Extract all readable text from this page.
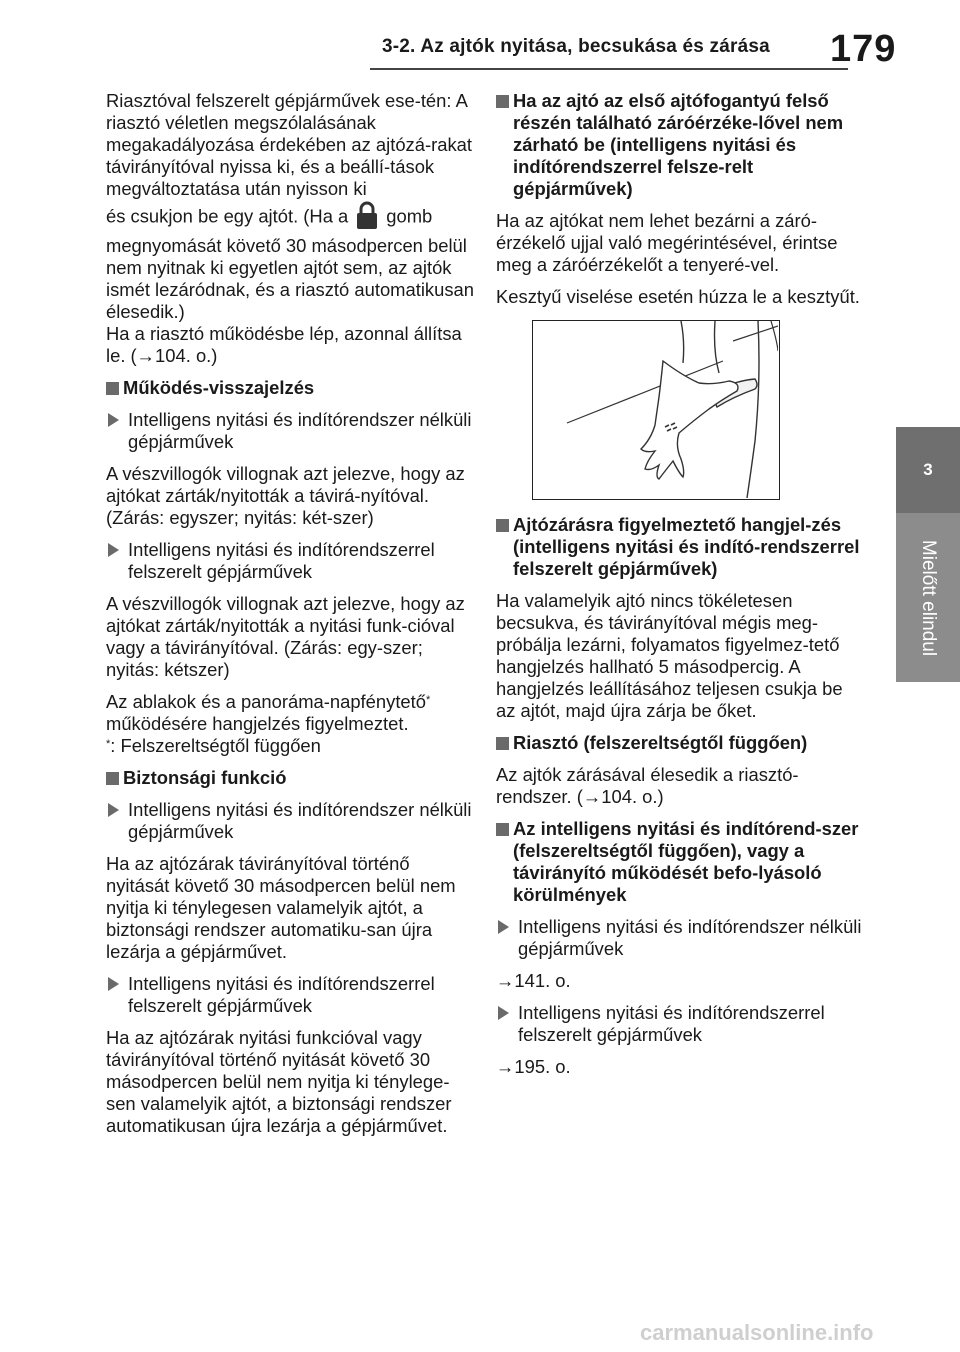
3-2. Az ajtók nyitása, becsukása és zárása 179
3
Mielőtt elindul

Riasztóval felszerelt gépjárművek ese-tén: A riasztó véletlen megszólalásának megakadályozása érdekében az ajtózá-rakat távirányítóval nyissa ki, és a beállí-tások megváltoztatása után nyisson ki
és csukjon be egy ajtót. (Ha a gomb megnyomását követő 30 másodpercen belül nem nyitnak ki egyetlen ajtót sem, az ajtók ismét lezáródnak, és a riasztó automatikusan élesedik.)
Ha a riasztó működésbe lép, azonnal állítsa le. (→104. o.)

Működés-visszajelzés
Intelligens nyitási és indítórendszer nélküli gépjárművek

A vészvillogók villognak azt jelezve, hogy az ajtókat zárták/nyitották a távirá-nyítóval. (Zárás: egyszer; nyitás: két-szer)

Intelligens nyitási és indítórendszerrel felszerelt gépjárművek

A vészvillogók villognak azt jelezve, hogy az ajtókat zárták/nyitották a nyitási funk-cióval vagy a távirányítóval. (Zárás: egy-szer; nyitás: kétszer)

Az ablakok és a panoráma-napfénytető*
működésére hangjelzés figyelmeztet.

*: Felszereltségtől függően

Biztonsági funkció
Intelligens nyitási és indítórendszer nélküli gépjárművek

Ha az ajtózárak távirányítóval történő nyitását követő 30 másodpercen belül nem nyitja ki ténylegesen valamelyik ajtót, a biztonsági rendszer automatiku-san újra lezárja a gépjárművet.

Intelligens nyitási és indítórendszerrel felszerelt gépjárművek

Ha az ajtózárak nyitási funkcióval vagy távirányítóval történő nyitását követő 30 másodpercen belül nem nyitja ki ténylege-sen valamelyik ajtót, a biztonsági rendszer automatikusan újra lezárja a gépjárművet.

Ha az ajtó az első ajtófogantyú felső részén található záróérzéke-lővel nem zárható be (intelligens nyitási és indítórendszerrel felsze-relt gépjárművek)

Ha az ajtókat nem lehet bezárni a záró-érzékelő ujjal való megérintésével, érintse meg a záróérzékelőt a tenyeré-vel.

Kesztyű viselése esetén húzza le a kesztyűt.

Ajtózárásra figyelmeztető hangjel-zés (intelligens nyitási és indító-rendszerrel felszerelt gépjárművek)

Ha valamelyik ajtó nincs tökéletesen becsukva, és távirányítóval mégis meg-próbálja lezárni, folyamatos figyelmez-tető hangjelzés hallható 5 másodpercig. A hangjelzés leállításához teljesen csukja be az ajtót, majd újra zárja be őket.

Riasztó (felszereltségtől függően)

Az ajtók zárásával élesedik a riasztó-rendszer. (→104. o.)

Az intelligens nyitási és indítórend-szer (felszereltségtől függően), vagy a távirányító működését befo-lyásoló körülmények
Intelligens nyitási és indítórendszer nélküli gépjárművek

→141. o.

Intelligens nyitási és indítórendszerrel felszerelt gépjárművek

→195. o.

carmanualsonline.info
